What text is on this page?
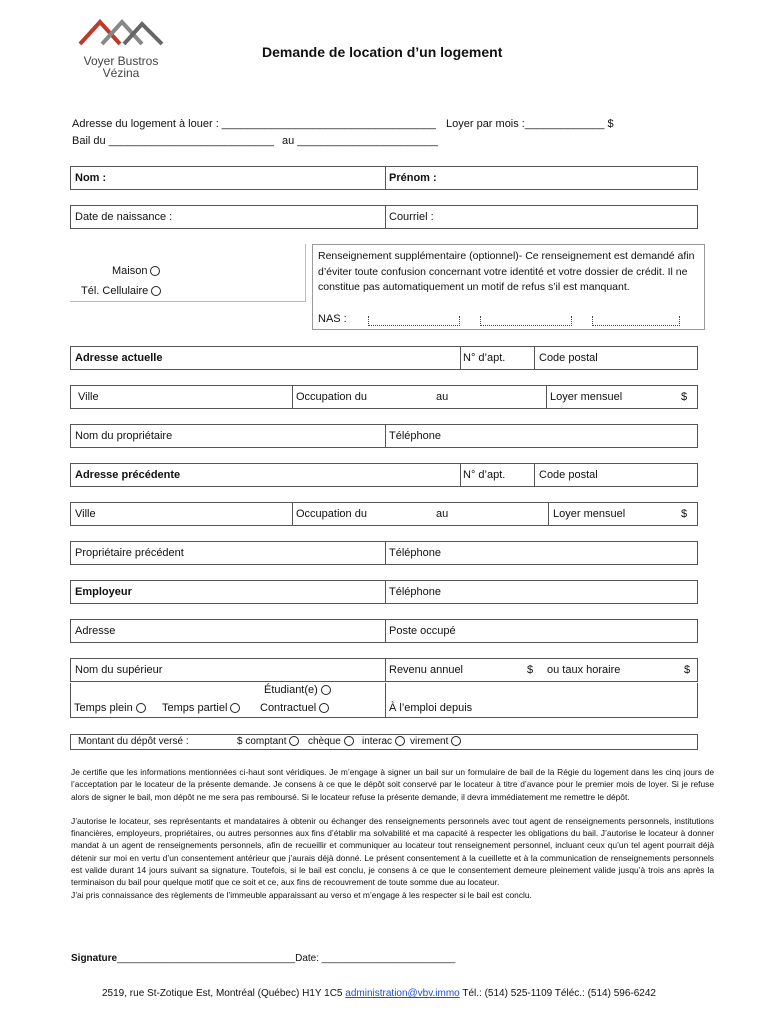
Voyer Bustros
Vézina
Demande de location d’un logement
Adresse du logement à louer : ___________________________________ Loyer par mois :_____________ $
Bail du ___________________________ au _______________________
Nom :	Prénom :
Date de naissance :	Courriel :
Maison
Tél. Cellulaire
Renseignement supplémentaire (optionnel)- Ce renseignement est demandé afin d’éviter toute confusion concernant votre identité et votre dossier de crédit. Il ne constitue pas automatiquement un motif de refus s’il est manquant.
NAS :
Adresse actuelle	N° d’apt.	Code postal
Ville	Occupation du	au	Loyer mensuel	$
Nom du propriétaire	Téléphone
Adresse précédente	N° d’apt.	Code postal
Ville	Occupation du	au	Loyer mensuel	$
Propriétaire précédent	Téléphone
Employeur	Téléphone
Adresse	Poste occupé
Nom du supérieur	Revenu annuel	$ ou taux horaire	$
Étudiant(e)
Temps plein	Temps partiel	Contractuel	À l’emploi depuis
Montant du dépôt versé :	$ comptant	chèque	interac	virement

Je certifie que les informations mentionnées ci-haut sont véridiques. Je m’engage à signer un bail sur un formulaire de bail de la Régie du logement dans les cinq jours de l’acceptation par le locateur de la présente demande. Je consens à ce que le dépôt soit conservé par le locateur à titre d’avance pour le premier mois de loyer. Si je refuse alors de signer le bail, mon dépôt ne me sera pas remboursé. Si le locateur refuse la présente demande, il devra immédiatement me remettre le dépôt.

J’autorise le locateur, ses représentants et mandataires à obtenir ou échanger des renseignements personnels avec tout agent de renseignements personnels, institutions financières, employeurs, propriétaires, ou autres personnes aux fins d’établir ma solvabilité et ma capacité à respecter les obligations du bail. J’autorise le locateur à donner mandat à un agent de renseignements personnels, afin de recueillir et communiquer au locateur tout renseignement personnel, incluant ceux qu’un tel agent pourrait déjà détenir sur moi en vertu d’un consentement antérieur que j’aurais déjà donné. Le présent consentement à la cueillette et à la communication de renseignements personnels est valide durant 14 jours suivant sa signature. Toutefois, si le bail est conclu, je consens à ce que le consentement demeure pleinement valide jusqu’à trois ans après la terminaison du bail pour quelque motif que ce soit et ce, aux fins de recouvrement de toute somme due au locateur.

J’ai pris connaissance des règlements de l’immeuble apparaissant au verso et m’engage à les respecter si le bail est conclu.

Signature________________________________Date: ________________________
2519, rue St-Zotique Est, Montréal (Québec) H1Y 1C5 administration@vbv.immo Tél.: (514) 525-1109 Téléc.: (514) 596-6242
